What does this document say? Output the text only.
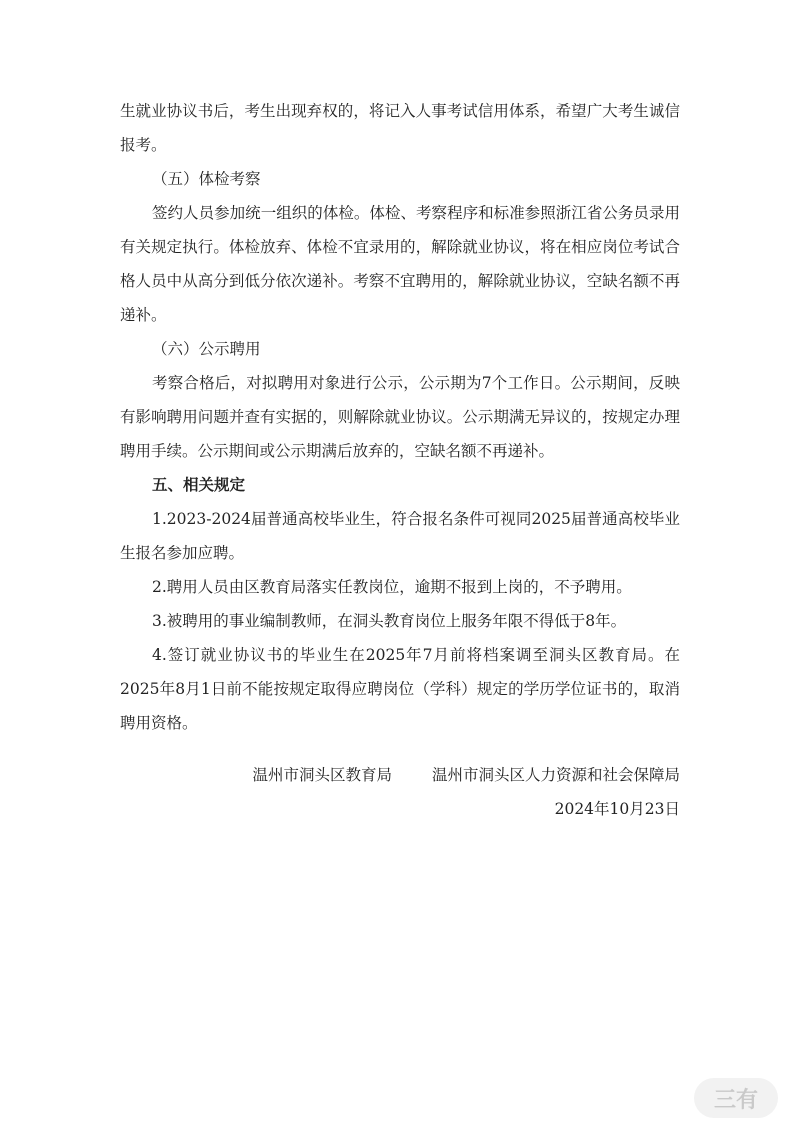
生就业协议书后，考生出现弃权的，将记入人事考试信用体系，希望广大考生诚信报考。

（五）体检考察

签约人员参加统一组织的体检。体检、考察程序和标准参照浙江省公务员录用有关规定执行。体检放弃、体检不宜录用的，解除就业协议，将在相应岗位考试合格人员中从高分到低分依次递补。考察不宜聘用的，解除就业协议，空缺名额不再递补。

（六）公示聘用

考察合格后，对拟聘用对象进行公示，公示期为7个工作日。公示期间，反映有影响聘用问题并查有实据的，则解除就业协议。公示期满无异议的，按规定办理聘用手续。公示期间或公示期满后放弃的，空缺名额不再递补。

五、相关规定

1.2023-2024届普通高校毕业生，符合报名条件可视同2025届普通高校毕业生报名参加应聘。

2.聘用人员由区教育局落实任教岗位，逾期不报到上岗的，不予聘用。

3.被聘用的事业编制教师，在洞头教育岗位上服务年限不得低于8年。

4.签订就业协议书的毕业生在2025年7月前将档案调至洞头区教育局。在2025年8月1日前不能按规定取得应聘岗位（学科）规定的学历学位证书的，取消聘用资格。

温州市洞头区教育局	温州市洞头区人力资源和社会保障局
2024年10月23日
三有
